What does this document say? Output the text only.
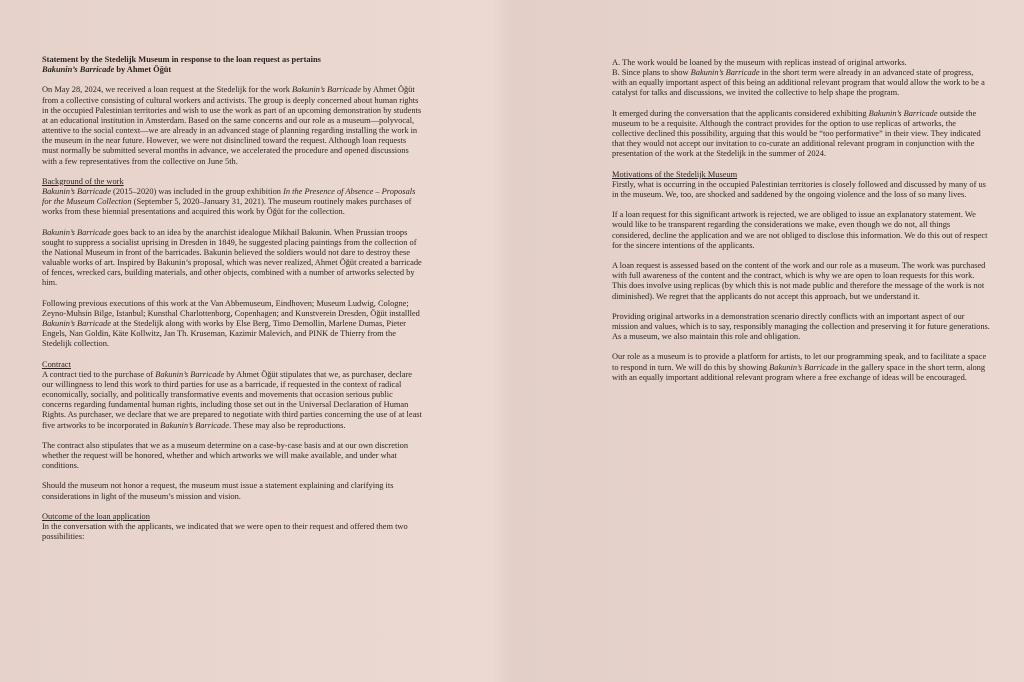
Statement by the Stedelijk Museum in response to the loan request as pertains
Bakunin’s Barricade by Ahmet Öğüt

On May 28, 2024, we received a loan request at the Stedelijk for the work Bakunin’s Barricade by Ahmet Öğüt from a collective consisting of cultural workers and activists. The group is deeply concerned about human rights in the occupied Palestinian territories and wish to use the work as part of an upcoming demonstration by students at an educational institution in Amsterdam. Based on the same concerns and our role as a museum—polyvocal, attentive to the social context—we are already in an advanced stage of planning regarding installing the work in the museum in the near future. However, we were not disinclined toward the request. Although loan requests must normally be submitted several months in advance, we accelerated the procedure and opened discussions with a few representatives from the collective on June 5th.

Background of the work
Bakunin’s Barricade (2015–2020) was included in the group exhibition In the Presence of Absence – Proposals for the Museum Collection (September 5, 2020–January 31, 2021). The museum routinely makes purchases of works from these biennial presentations and acquired this work by Öğüt for the collection.

Bakunin’s Barricade goes back to an idea by the anarchist idealogue Mikhail Bakunin. When Prussian troops sought to suppress a socialist uprising in Dresden in 1849, he suggested placing paintings from the collection of the National Museum in front of the barricades. Bakunin believed the soldiers would not dare to destroy these valuable works of art. Inspired by Bakunin’s proposal, which was never realized, Ahmet Öğüt created a barricade of fences, wrecked cars, building materials, and other objects, combined with a number of artworks selected by him.

Following previous executions of this work at the Van Abbemuseum, Eindhoven; Museum Ludwig, Cologne; Zeyno-Muhsin Bilge, Istanbul; Kunsthal Charlottenborg, Copenhagen; and Kunstverein Dresden, Öğüt installled Bakunin’s Barricade at the Stedelijk along with works by Else Berg, Timo Demollin, Marlene Dumas, Pieter Engels, Nan Goldin, Käte Kollwitz, Jan Th. Kruseman, Kazimir Malevich, and PINK de Thierry from the Stedelijk collection.

Contract
A contract tied to the purchase of Bakunin’s Barricade by Ahmet Öğüt stipulates that we, as purchaser, declare our willingness to lend this work to third parties for use as a barricade, if requested in the context of radical economically, socially, and politically transformative events and movements that occasion serious public concerns regarding fundamental human rights, including those set out in the Universal Declaration of Human Rights. As purchaser, we declare that we are prepared to negotiate with third parties concerning the use of at least five artworks to be incorporated in Bakunin’s Barricade. These may also be reproductions.

The contract also stipulates that we as a museum determine on a case-by-case basis and at our own discretion whether the request will be honored, whether and which artworks we will make available, and under what conditions.

Should the museum not honor a request, the museum must issue a statement explaining and clarifying its considerations in light of the museum’s mission and vision.

Outcome of the loan application
In the conversation with the applicants, we indicated that we were open to their request and offered them two possibilities:

A. The work would be loaned by the museum with replicas instead of original artworks.
B. Since plans to show Bakunin’s Barricade in the short term were already in an advanced state of progress, with an equally important aspect of this being an additional relevant program that would allow the work to be a catalyst for talks and discussions, we invited the collective to help shape the program.

It emerged during the conversation that the applicants considered exhibiting Bakunin’s Barricade outside the museum to be a requisite. Although the contract provides for the option to use replicas of artworks, the collective declined this possibility, arguing that this would be “too performative” in their view. They indicated that they would not accept our invitation to co-curate an additional relevant program in conjunction with the presentation of the work at the Stedelijk in the summer of 2024.

Motivations of the Stedelijk Museum
Firstly, what is occurring in the occupied Palestinian territories is closely followed and discussed by many of us in the museum. We, too, are shocked and saddened by the ongoing violence and the loss of so many lives.

If a loan request for this significant artwork is rejected, we are obliged to issue an explanatory statement. We would like to be transparent regarding the considerations we make, even though we do not, all things considered, decline the application and we are not obliged to disclose this information. We do this out of respect for the sincere intentions of the applicants.

A loan request is assessed based on the content of the work and our role as a museum. The work was purchased with full awareness of the content and the contract, which is why we are open to loan requests for this work. This does involve using replicas (by which this is not made public and therefore the message of the work is not diminished). We regret that the applicants do not accept this approach, but we understand it.

Providing original artworks in a demonstration scenario directly conflicts with an important aspect of our mission and values, which is to say, responsibly managing the collection and preserving it for future generations. As a museum, we also maintain this role and obligation.

Our role as a museum is to provide a platform for artists, to let our programming speak, and to facilitate a space to respond in turn. We will do this by showing Bakunin’s Barricade in the gallery space in the short term, along with an equally important additional relevant program where a free exchange of ideas will be encouraged.
